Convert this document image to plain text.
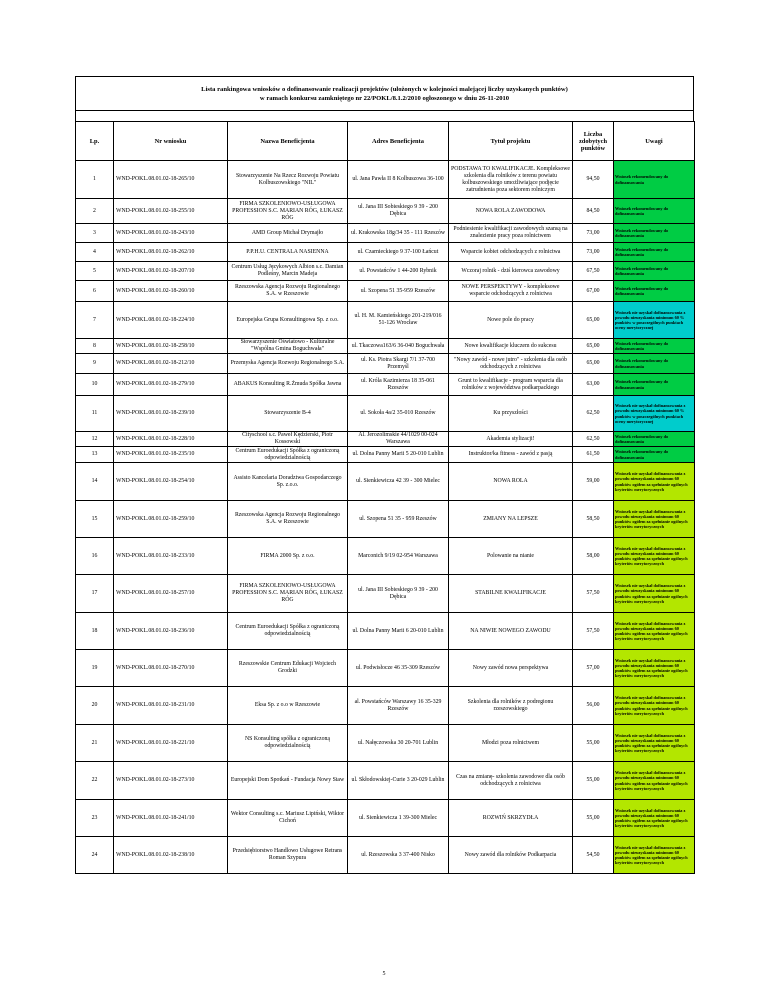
Lista rankingowa wniosków o dofinansowanie realizacji projektów (ułożonych w kolejności malejącej liczby uzyskanych punktów)
w ramach konkursu zamkniętego nr 22/POKL/8.1.2/2010 ogłoszonego w dniu 26-11-2010
Lp.	Nr wniosku	Nazwa Beneficjenta	Adres Beneficjenta	Tytuł projektu	Liczba zdobytych punktów	Uwagi
1	WND-POKL.08.01.02-18-265/10	Stowarzyszenie Na Rzecz Rozwoju Powiatu Kolbuszowskiego "NIL"	ul. Jana Pawła II 8 Kolbuszowa 36-100	PODSTAWA TO KWALIFIKACJE. Kompleksowe szkolenia dla rolników z terenu powiatu kolbuszowskiego umożliwiające podjęcie zatrudnienia poza sektorem rolniczym	94,50	Wniosek rekomendowany do dofinansowania
2	WND-POKL.08.01.02-18-255/10	FIRMA SZKOLENIOWO-USŁUGOWA PROFESSION S.C. MARIAN RÓG, ŁUKASZ RÓG	ul. Jana III Sobieskiego 9 39 - 200 Dębica	NOWA ROLA ZAWODOWA	84,50	Wniosek rekomendowany do dofinansowania
3	WND-POKL.08.01.02-18-243/10	AMD Group Michał Drymajło	ul. Krakowska 18g/34 35 - 111 Rzeszów	Podniesienie kwalifikacji zawodowych szansą na znalezienie pracy poza rolnictwem	73,00	Wniosek rekomendowany do dofinansowania
4	WND-POKL.08.01.02-18-262/10	P.P.H.U. CENTRALA NASIENNA	ul. Czarnieckiego 9 37-100 Łańcut	Wsparcie kobiet odchodzących z rolnictwa	73,00	Wniosek rekomendowany do dofinansowania
5	WND-POKL.08.01.02-18-207/10	Centrum Usług Językowych Albion s.c. Damian Podleśny, Marcin Madeja	ul. Powstańców 1 44-200 Rybnik	Wczoraj rolnik - dziś kierowca zawodowy	67,50	Wniosek rekomendowany do dofinansowania
6	WND-POKL.08.01.02-18-260/10	Rzeszowska Agencja Rozwoju Regionalnego S.A. w Rzeszowie	ul. Szopena 51 35-959 Rzeszów	NOWE PERSPEKTYWY - kompleksowe wsparcie odchodzących z rolnictwa	67,00	Wniosek rekomendowany do dofinansowania
7	WND-POKL.08.01.02-18-224/10	Europejska Grupa Konsultingowa Sp. z o.o.	ul. H. M. Kamieńskiego 201-219/016 51-126 Wrocław	Nowe pole do pracy	65,00	Wniosek nie uzyskał dofinansowania z powodu nieuzyskania minimum 60 % punktów w poszczególnych punktach oceny merytorycznej
8	WND-POKL.08.01.02-18-258/10	Stowarzyszenie Oświatowo - Kulturalne "Wspólna Gmina Boguchwała"	ul. Tkaczowa163/6 36-040 Boguchwała	Nowe kwalifikacje kluczem do sukcesu	65,00	Wniosek rekomendowany do dofinansowania
9	WND-POKL.08.01.02-18-212/10	Przemyska Agencja Rozwoju Regionalnego S.A.	ul. Ks. Piotra Skargi 7/1 37-700 Przemyśl	"Nowy zawód - nowe jutro" - szkolenia dla osób odchodzących z rolnictwa	65,00	Wniosek rekomendowany do dofinansowania
10	WND-POKL.08.01.02-18-279/10	ABAKUS Konsulting R.Żmuda Spółka Jawna	ul. Króla Kazimierza 18 35-061 Rzeszów	Grunt to kwalifikacje - program wsparcia dla rolników z województwa podkarpackiego	63,00	Wniosek rekomendowany do dofinansowania
11	WND-POKL.08.01.02-18-239/10	Stowarzyszenie B-4	ul. Sokoła 4a/2 35-010 Rzeszów	Ku przyszłości	62,50	Wniosek nie uzyskał dofinansowania z powodu nieuzyskania minimum 60 % punktów w poszczególnych punktach oceny merytorycznej
12	WND-POKL.08.01.02-18-228/10	Cityschool s.c. Paweł Kędzierski, Piotr Kossowski	Al. Jerozolimskie 44/1029 00-024 Warszawa	Akademia stylizacji!	62,50	Wniosek rekomendowany do dofinansowania
13	WND-POKL.08.01.02-18-235/10	Centrum Euroedukacji Spółka z ograniczoną odpowiedzialnością	ul. Dolna Panny Marii 5 20-010 Lublin	Instruktor/ka fitness - zawód z pasją	61,50	Wniosek rekomendowany do dofinansowania
14	WND-POKL.08.01.02-18-254/10	Assisto Kancelaria Doradztwa Gospodarczego Sp. z.o.o.	ul. Sienkiewicza 42 39 - 300 Mielec	NOWA ROLA	59,00	Wniosek nie uzyskał dofinansowania z powodu nieuzyskania minimum 60 punktów ogółem za spełnianie ogólnych kryteriów merytorycznych
15	WND-POKL.08.01.02-18-259/10	Rzeszowska Agencja Rozwoju Regionalnego S.A. w Rzeszowie	ul. Szopena 51 35 - 959 Rzeszów	ZMIANY NA LEPSZE	58,50	Wniosek nie uzyskał dofinansowania z powodu nieuzyskania minimum 60 punktów ogółem za spełnianie ogólnych kryteriów merytorycznych
16	WND-POKL.08.01.02-18-233/10	FIRMA 2000 Sp. z o.o.	Marconich 9/19 02-954 Warszawa	Polowanie na nianie	58,00	Wniosek nie uzyskał dofinansowania z powodu nieuzyskania minimum 60 punktów ogółem za spełnianie ogólnych kryteriów merytorycznych
17	WND-POKL.08.01.02-18-257/10	FIRMA SZKOLENIOWO-USŁUGOWA PROFESSION S.C. MARIAN RÓG, ŁUKASZ RÓG	ul. Jana III Sobieskiego 9 39 - 200 Dębica	STABILNE KWALIFIKACJE	57,50	Wniosek nie uzyskał dofinansowania z powodu nieuzyskania minimum 60 punktów ogółem za spełnianie ogólnych kryteriów merytorycznych
18	WND-POKL.08.01.02-18-236/10	Centrum Euroedukacji Spółka z ograniczoną odpowiedzialnością	ul. Dolna Panny Marii 6 20-010 Lublin	NA NIWIE NOWEGO ZAWODU	57,50	Wniosek nie uzyskał dofinansowania z powodu nieuzyskania minimum 60 punktów ogółem za spełnianie ogólnych kryteriów merytorycznych
19	WND-POKL.08.01.02-18-270/10	Rzeszowskie Centrum Edukacji Wojciech Grodzki	ul. Podwisłocze 46 35-309 Rzeszów	Nowy zawód nowa perspektywa	57,00	Wniosek nie uzyskał dofinansowania z powodu nieuzyskania minimum 60 punktów ogółem za spełnianie ogólnych kryteriów merytorycznych
20	WND-POKL.08.01.02-18-231/10	Eksa Sp. z o.o w Rzeszowie	al. Powstańców Warszawy 16 35-329 Rzeszów	Szkolenia dla rolników z podregionu rzeszowskiego	56,00	Wniosek nie uzyskał dofinansowania z powodu nieuzyskania minimum 60 punktów ogółem za spełnianie ogólnych kryteriów merytorycznych
21	WND-POKL.08.01.02-18-221/10	NS Konsulting spółka z ograniczoną odpowiedzialnością	ul. Nałęczowska 30 20-701 Lublin	Młodzi poza rolnictwem	55,00	Wniosek nie uzyskał dofinansowania z powodu nieuzyskania minimum 60 punktów ogółem za spełnianie ogólnych kryteriów merytorycznych
22	WND-POKL.08.01.02-18-273/10	Europejski Dom Spotkań - Fundacja Nowy Staw	ul. Skłodowskiej-Curie 3 20-029 Lublin	Czas na zmianę- szkolenia zawodowe dla osób odchodzących z rolnictwa	55,00	Wniosek nie uzyskał dofinansowania z powodu nieuzyskania minimum 60 punktów ogółem za spełnianie ogólnych kryteriów merytorycznych
23	WND-POKL.08.01.02-18-241/10	Wektor Consulting s.c. Mariusz Lipiński, Wiktor Cichoń	ul. Sienkiewicza 1 39-300 Mielec	ROZWIŃ SKRZYDŁA	55,00	Wniosek nie uzyskał dofinansowania z powodu nieuzyskania minimum 60 punktów ogółem za spełnianie ogólnych kryteriów merytorycznych
24	WND-POKL.08.01.02-18-238/10	Przedsiębiorstwo Handlowo Usługowe Retrans Roman Szypura	ul. Rzeszowska 3 37-400 Nisko	Nowy zawód dla rolników Podkarpacia	54,50	Wniosek nie uzyskał dofinansowania z powodu nieuzyskania minimum 60 punktów ogółem za spełnianie ogólnych kryteriów merytorycznych
5
